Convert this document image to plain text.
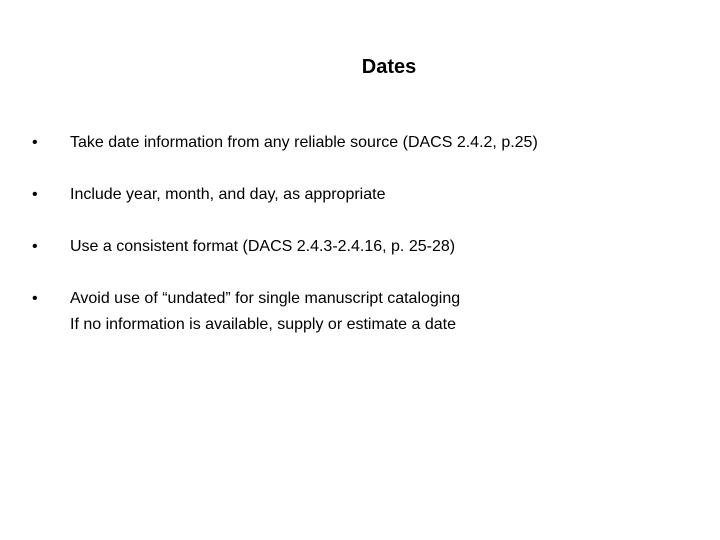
Dates
•	Take date information from any reliable source (DACS 2.4.2, p.25)
•	Include year, month, and day, as appropriate
•	Use a consistent format (DACS 2.4.3-2.4.16, p. 25-28)
•	Avoid use of “undated” for single manuscript cataloging
If no information is available, supply or estimate a date
